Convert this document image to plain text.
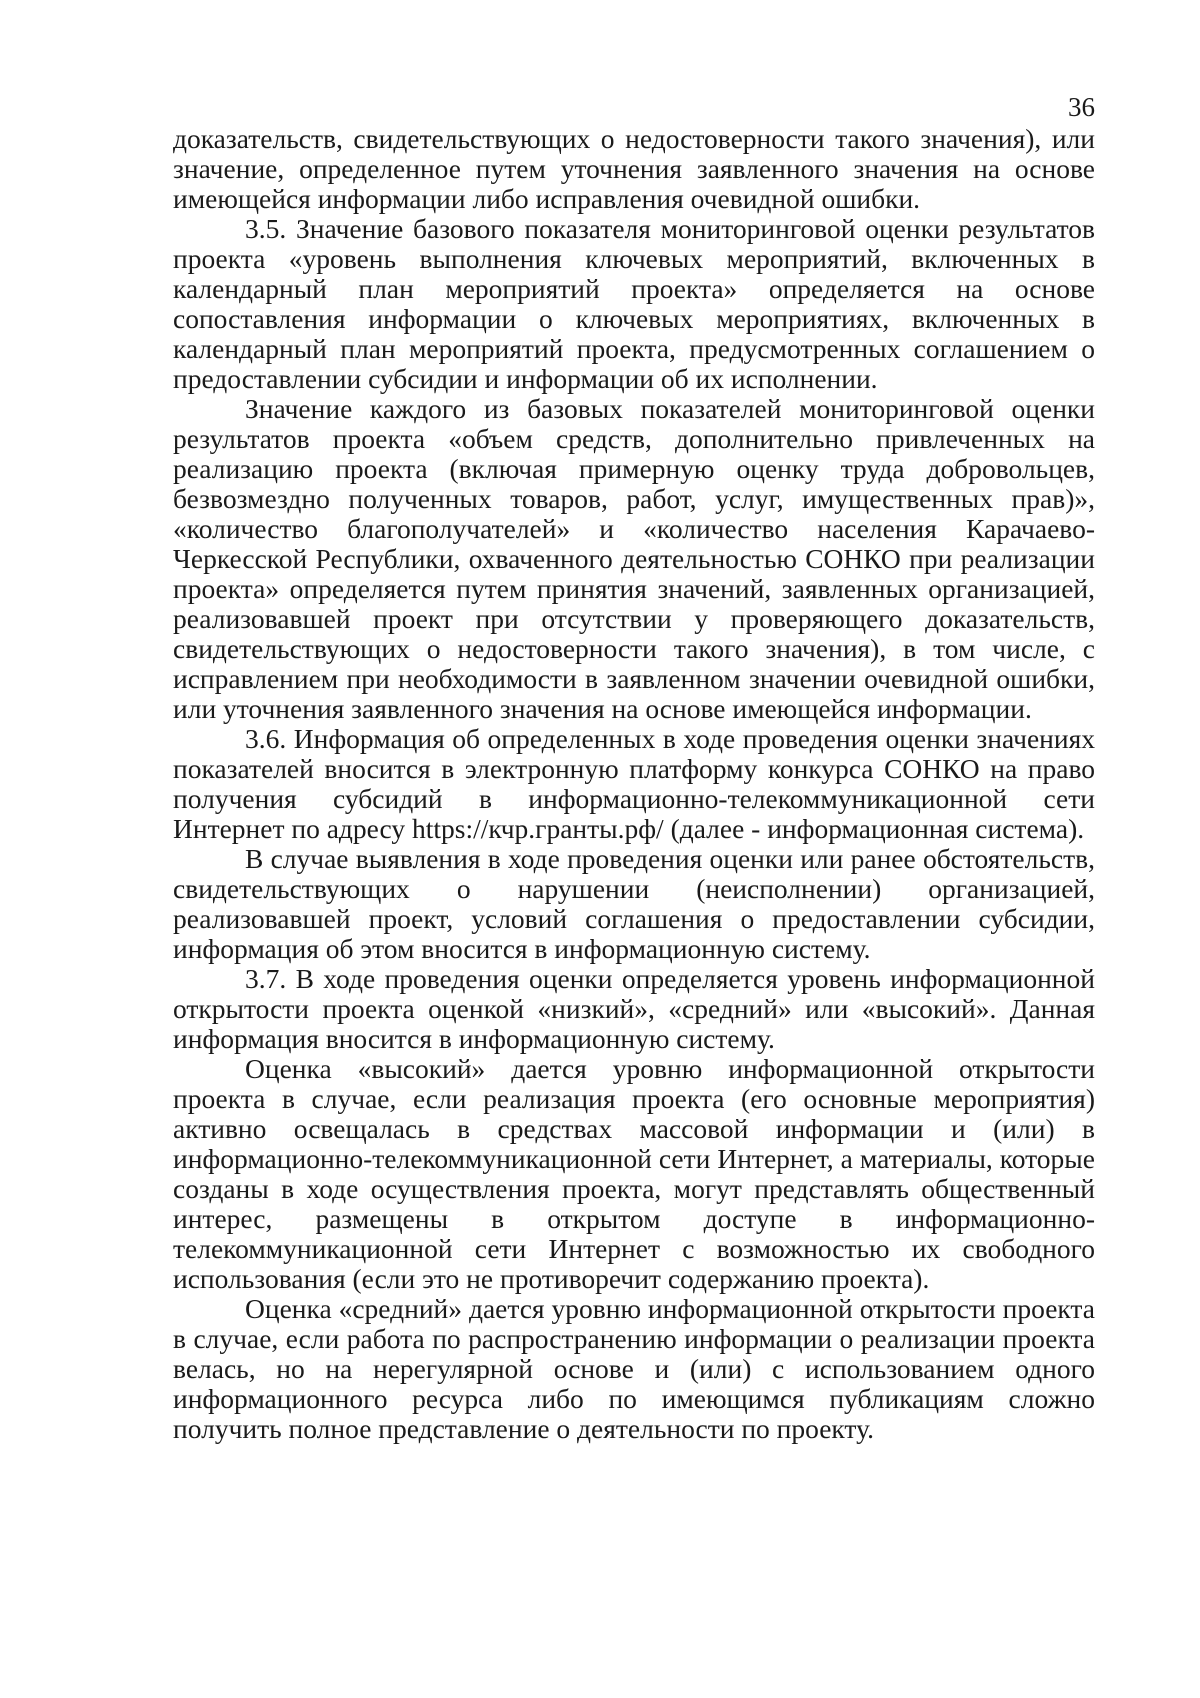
36

доказательств, свидетельствующих о недостоверности такого значения), или значение, определенное путем уточнения заявленного значения на основе имеющейся информации либо исправления очевидной ошибки.

3.5. Значение базового показателя мониторинговой оценки результатов проекта «уровень выполнения ключевых мероприятий, включенных в календарный план мероприятий проекта» определяется на основе сопоставления информации о ключевых мероприятиях, включенных в календарный план мероприятий проекта, предусмотренных соглашением о предоставлении субсидии и информации об их исполнении.

Значение каждого из базовых показателей мониторинговой оценки результатов проекта «объем средств, дополнительно привлеченных на реализацию проекта (включая примерную оценку труда добровольцев, безвозмездно полученных товаров, работ, услуг, имущественных прав)», «количество благополучателей» и «количество населения Карачаево-Черкесской Республики, охваченного деятельностью СОНКО при реализации проекта» определяется путем принятия значений, заявленных организацией, реализовавшей проект при отсутствии у проверяющего доказательств, свидетельствующих о недостоверности такого значения), в том числе, с исправлением при необходимости в заявленном значении очевидной ошибки, или уточнения заявленного значения на основе имеющейся информации.

3.6. Информация об определенных в ходе проведения оценки значениях показателей вносится в электронную платформу конкурса СОНКО на право получения субсидий в информационно-телекоммуникационной сети Интернет по адресу https://кчр.гранты.рф/ (далее - информационная система).

В случае выявления в ходе проведения оценки или ранее обстоятельств, свидетельствующих о нарушении (неисполнении) организацией, реализовавшей проект, условий соглашения о предоставлении субсидии, информация об этом вносится в информационную систему.

3.7. В ходе проведения оценки определяется уровень информационной открытости проекта оценкой «низкий», «средний» или «высокий». Данная информация вносится в информационную систему.

Оценка «высокий» дается уровню информационной открытости проекта в случае, если реализация проекта (его основные мероприятия) активно освещалась в средствах массовой информации и (или) в информационно-телекоммуникационной сети Интернет, а материалы, которые созданы в ходе осуществления проекта, могут представлять общественный интерес, размещены в открытом доступе в информационно-телекоммуникационной сети Интернет с возможностью их свободного использования (если это не противоречит содержанию проекта).

Оценка «средний» дается уровню информационной открытости проекта в случае, если работа по распространению информации о реализации проекта велась, но на нерегулярной основе и (или) с использованием одного информационного ресурса либо по имеющимся публикациям сложно получить полное представление о деятельности по проекту.
